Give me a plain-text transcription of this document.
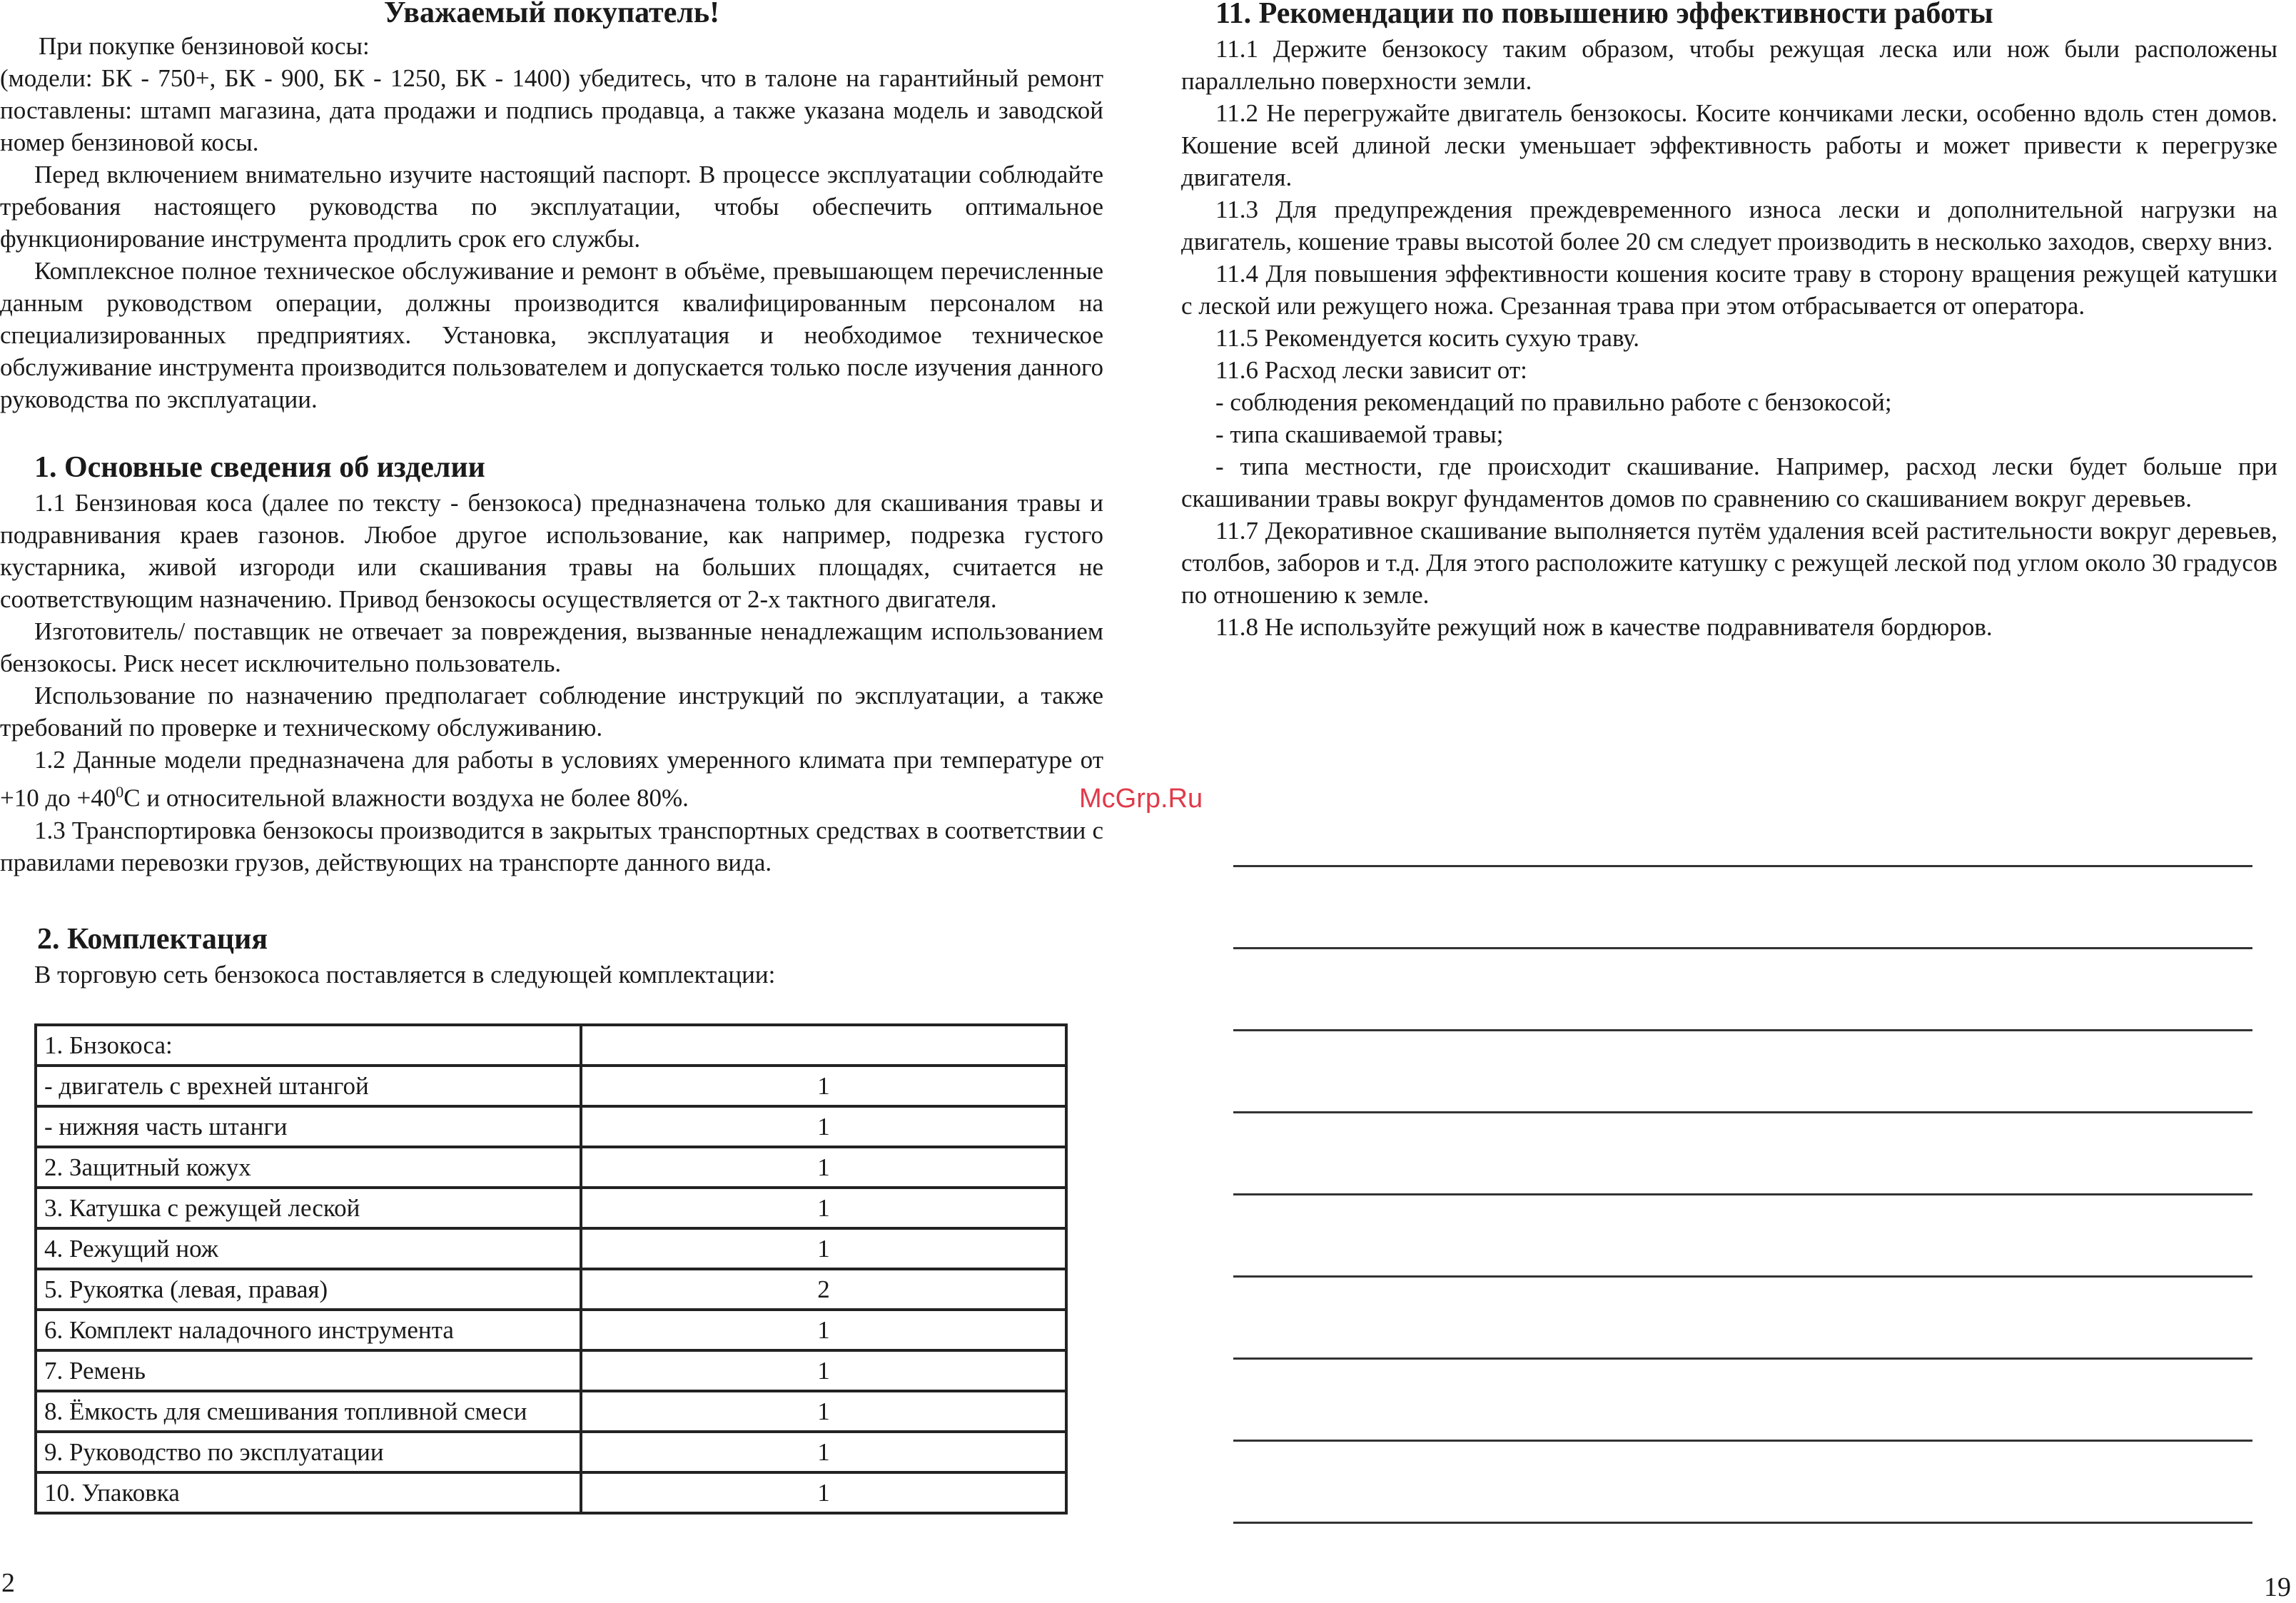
Уважаемый покупатель!

При покупке бензиновой косы:

(модели: БК - 750+, БК - 900, БК - 1250, БК - 1400) убедитесь, что в талоне на гарантийный ремонт поставлены: штамп магазина, дата продажи и подпись продавца, а также указана модель и заводской номер бензиновой косы.

Перед включением внимательно изучите настоящий паспорт. В процессе эксплуатации соблюдайте требования настоящего руководства по эксплуатации, чтобы обеспечить оптимальное функционирование инструмента продлить срок его службы.

Комплексное полное техническое обслуживание и ремонт в объёме, превышающем перечисленные данным руководством операции, должны производится квалифицированным персоналом на специализированных предприятиях. Установка, эксплуатация и необходимое техническое обслуживание инструмента производится пользователем и допускается только после изучения данного руководства по эксплуатации.

1. Основные сведения об изделии

1.1 Бензиновая коса (далее по тексту - бензокоса) предназначена только для скашивания травы и подравнивания краев газонов. Любое другое использование, как например, подрезка густого кустарника, живой изгороди или скашивания травы на больших площадях, считается не соответствующим назначению. Привод бензокосы осуществляется от 2-х тактного двигателя.

Изготовитель/ поставщик не отвечает за повреждения, вызванные ненадлежащим использованием бензокосы. Риск несет исключительно пользователь.

Использование по назначению предполагает соблюдение инструкций по эксплуатации, а также требований по проверке и техническому обслуживанию.

1.2 Данные модели предназначена для работы в условиях умеренного климата при температуре от +10 до $+40^0С$ и относительной влажности воздуха не более 80%.

1.3 Транспортировка бензокосы производится в закрытых транспортных средствах в соответствии с правилами перевозки грузов, действующих на транспорте данного вида.

2. Комплектация

В торговую сеть бензокоса поставляется в следующей комплектации:

1. Бнзокоса:	
- двигатель с врехней штангой	1
- нижняя часть штанги	1
2. Защитный кожух	1
3. Катушка с режущей леской	1
4. Режущий нож	1
5. Рукоятка (левая, правая)	2
6. Комплект наладочного инструмента	1
7. Ремень	1
8. Ёмкость для смешивания топливной смеси	1
9. Руководство по эксплуатации	1
10. Упаковка	1
2
11. Рекомендации по повышению эффективности работы

11.1 Держите бензокосу таким образом, чтобы режущая леска или нож были расположены параллельно поверхности земли.

11.2 Не перегружайте двигатель бензокосы. Косите кончиками лески, особенно вдоль стен домов. Кошение всей длиной лески уменьшает эффективность работы и может привести к перегрузке двигателя.

11.3 Для предупреждения преждевременного износа лески и дополнительной нагрузки на двигатель, кошение травы высотой более 20 см следует производить в несколько заходов, сверху вниз.

11.4 Для повышения эффективности кошения косите траву в сторону вращения режущей катушки с леской или режущего ножа. Срезанная трава при этом отбрасывается от оператора.

11.5 Рекомендуется косить сухую траву.

11.6 Расход лески зависит от:

- соблюдения рекомендаций по правильно работе с бензокосой;

- типа скашиваемой травы;

- типа местности, где происходит скашивание. Например, расход лески будет больше при скашивании травы вокруг фундаментов домов по сравнению со скашиванием вокруг деревьев.

11.7 Декоративное скашивание выполняется путём удаления всей растительности вокруг деревьев, столбов, заборов и т.д. Для этого расположите катушку с режущей леской под углом около 30 градусов по отношению к земле.

11.8 Не используйте режущий нож в качестве подравнивателя бордюров.

19
McGrp.Ru
